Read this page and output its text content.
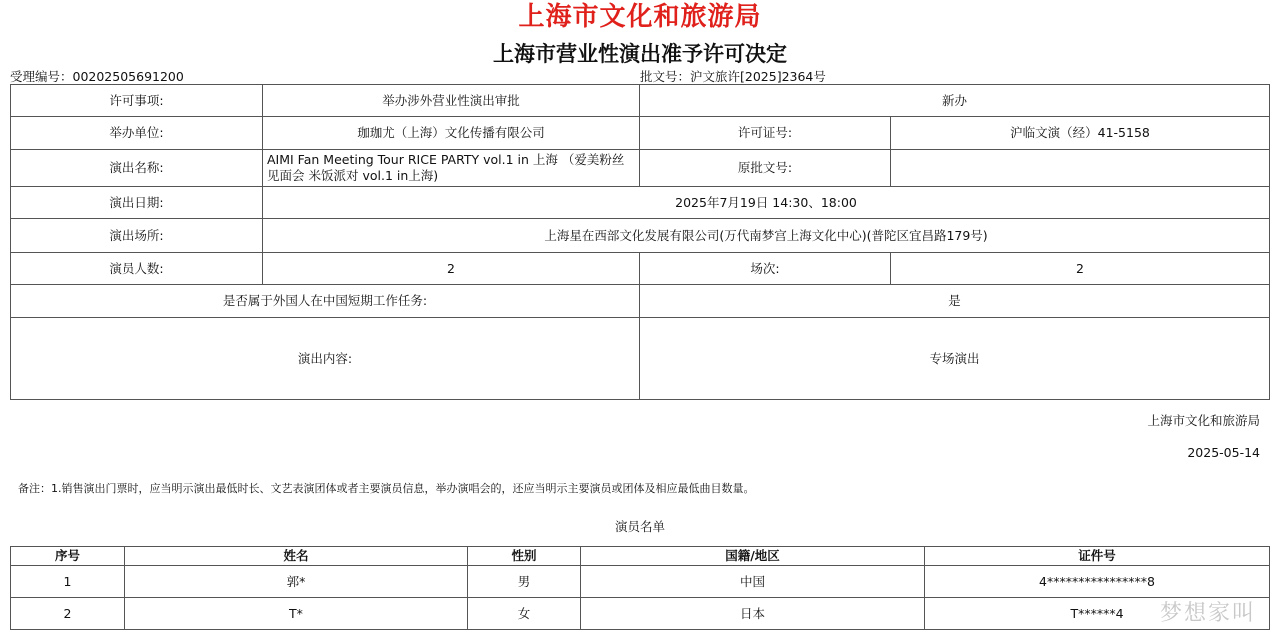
上海市文化和旅游局
上海市营业性演出准予许可决定
受理编号：00202505691200	批文号：沪文旅许[2025]2364号
许可事项:	举办涉外营业性演出审批	新办	
举办单位:	珈珈尤（上海）文化传播有限公司	许可证号:	沪临文演（经）41-5158
演出名称:	AIMI Fan Meeting Tour RICE PARTY vol.1 in 上海 （爱美粉丝见面会 米饭派对 vol.1 in上海)	原批文号:	
演出日期:	2025年7月19日 14:30、18:00		
演出场所:	上海星在西部文化发展有限公司(万代南梦宫上海文化中心)(普陀区宜昌路179号)		
演员人数:	2	场次:	2
是否属于外国人在中国短期工作任务:		是	
演出内容:		专场演出	
上海市文化和旅游局
2025-05-14
备注：1.销售演出门票时，应当明示演出最低时长、文艺表演团体或者主要演员信息，举办演唱会的，还应当明示主要演员或团体及相应最低曲目数量。
演员名单
序号	姓名	性别	国籍/地区	证件号
1	郭*	男	中国	4****************8
2	T*	女	日本	T******4 梦想家叫
